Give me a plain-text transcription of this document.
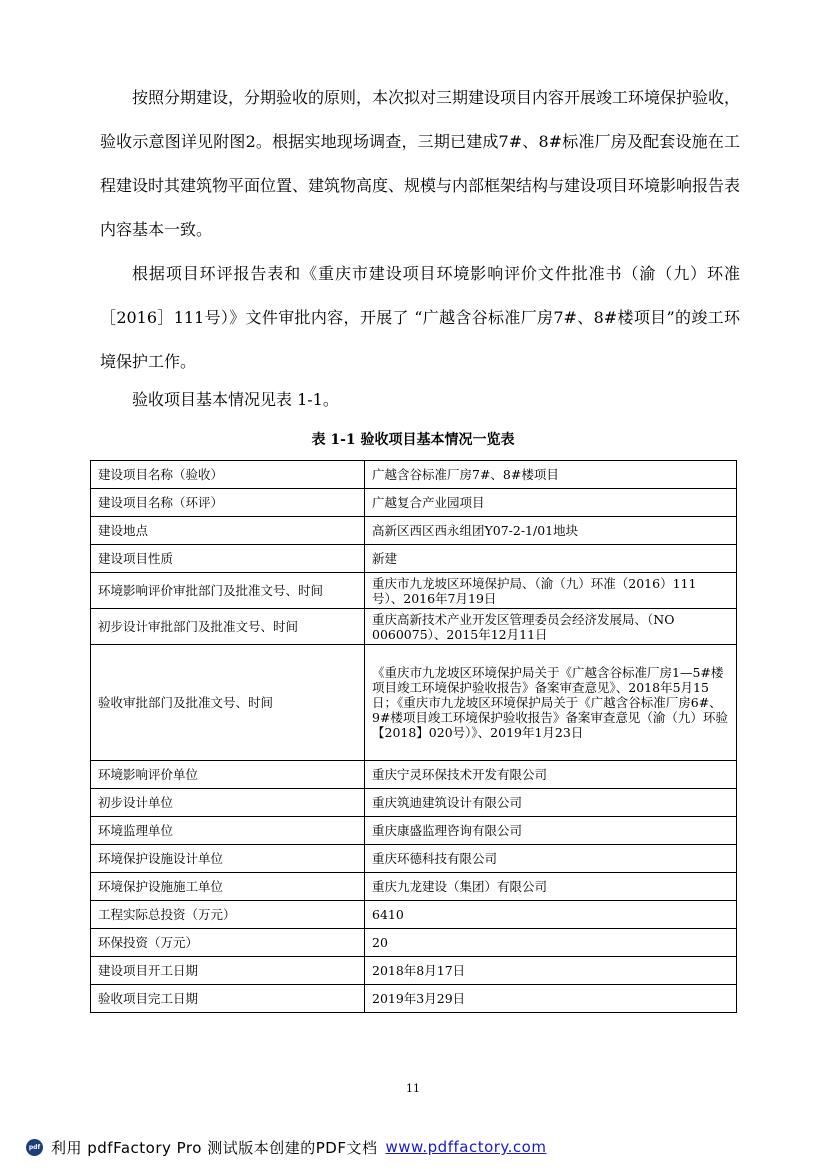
按照分期建设，分期验收的原则，本次拟对三期建设项目内容开展竣工环境保护验收，验收示意图详见附图2。根据实地现场调查，三期已建成7#、8#标准厂房及配套设施在工程建设时其建筑物平面位置、建筑物高度、规模与内部框架结构与建设项目环境影响报告表内容基本一致。

根据项目环评报告表和《重庆市建设项目环境影响评价文件批准书（渝（九）环准［2016］111号）》文件审批内容，开展了 “广越含谷标准厂房7#、8#楼项目”的竣工环境保护工作。

验收项目基本情况见表 1-1。

表 1-1 验收项目基本情况一览表
建设项目名称（验收）	广越含谷标准厂房7#、8#楼项目
建设项目名称（环评）	广越复合产业园项目
建设地点	高新区西区西永组团Y07-2-1/01地块
建设项目性质	新建
环境影响评价审批部门及批准文号、时间	重庆市九龙坡区环境保护局、（渝（九）环准（2016）111 号）、2016年7月19日
初步设计审批部门及批准文号、时间	重庆高新技术产业开发区管理委员会经济发展局、（NO 0060075）、2015年12月11日
验收审批部门及批准文号、时间	《重庆市九龙坡区环境保护局关于《广越含谷标准厂房1—5#楼项目竣工环境保护验收报告》备案审查意见》、2018年5月15日；《重庆市九龙坡区环境保护局关于《广越含谷标准厂房6#、9#楼项目竣工环境保护验收报告》备案审查意见（渝（九）环验【2018】020号）》、2019年1月23日
环境影响评价单位	重庆宁灵环保技术开发有限公司
初步设计单位	重庆筑迪建筑设计有限公司
环境监理单位	重庆康盛监理咨询有限公司
环境保护设施设计单位	重庆环德科技有限公司
环境保护设施施工单位	重庆九龙建设（集团）有限公司
工程实际总投资（万元）	6410
环保投资（万元）	20
建设项目开工日期	2018年8月17日
验收项目完工日期	2019年3月29日
11
pdf 利用 pdfFactory Pro 测试版本创建的PDF文档 www.pdffactory.com
